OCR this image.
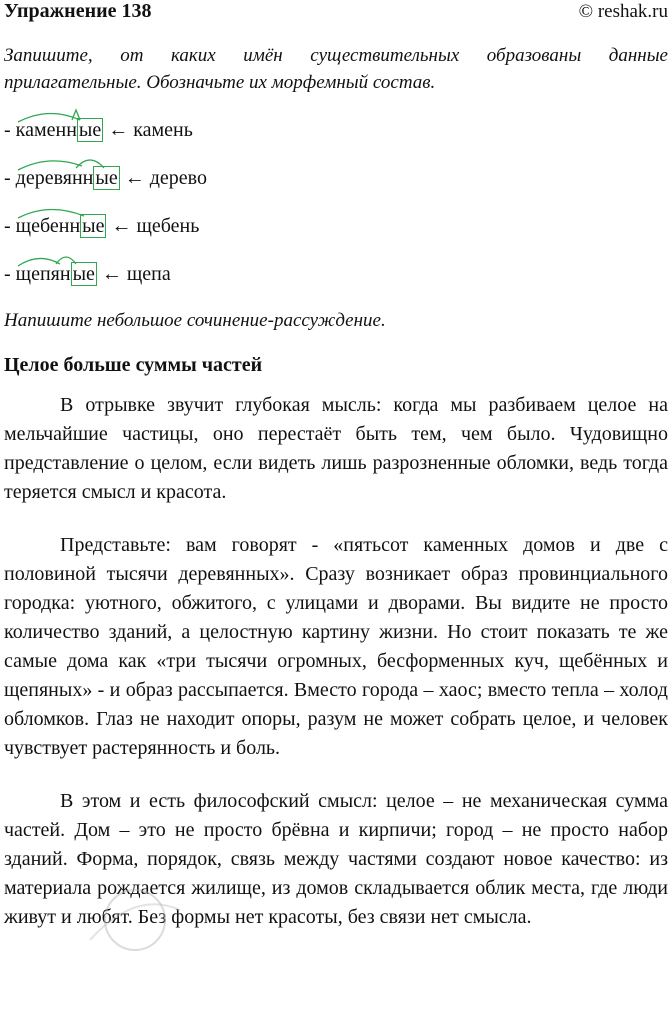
Упражнение 138	© reshak.ru
Запишите, от каких имён существительных образованы данные
прилагательные. Обозначьте их морфемный состав.
- каменн ые ← камень
- деревянн ые ← дерево
- щебенн ые ← щебень
- щепян ые ← щепа
Напишите небольшое сочинение-рассуждение.
Целое больше суммы частей

В отрывке звучит глубокая мысль: когда мы разбиваем целое на мельчайшие частицы, оно перестаёт быть тем, чем было. Чудовищно представление о целом, если видеть лишь разрозненные обломки, ведь тогда теряется смысл и красота.

Представьте: вам говорят - «пятьсот каменных домов и две с половиной тысячи деревянных». Сразу возникает образ провинциального городка: уютного, обжитого, с улицами и дворами. Вы видите не просто количество зданий, а целостную картину жизни. Но стоит показать те же самые дома как «три тысячи огромных, бесформенных куч, щебённых и щепяных» - и образ рассыпается. Вместо города – хаос; вместо тепла – холод обломков. Глаз не находит опоры, разум не может собрать целое, и человек чувствует растерянность и боль.

В этом и есть философский смысл: целое – не механическая сумма частей. Дом – это не просто брёвна и кирпичи; город – не просто набор зданий. Форма, порядок, связь между частями создают новое качество: из материала рождается жилище, из домов складывается облик места, где люди живут и любят. Без формы нет красоты, без связи нет смысла.
